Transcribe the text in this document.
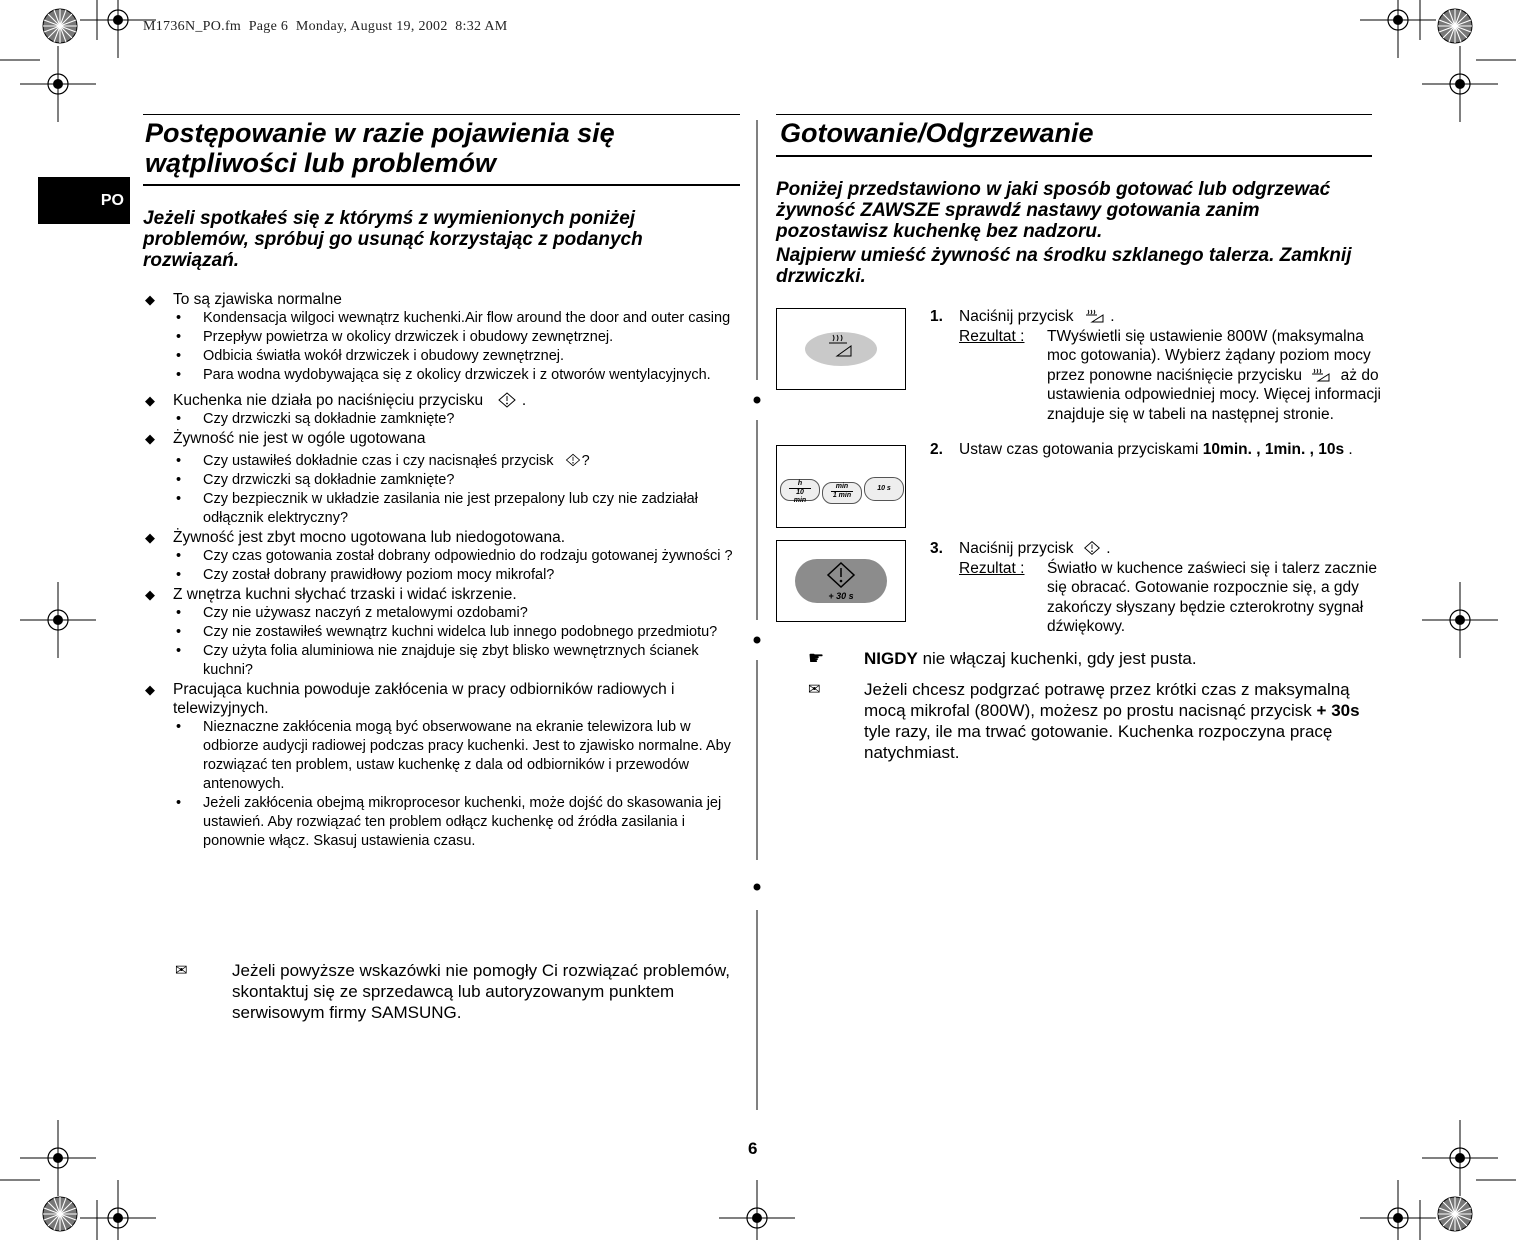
M1736N_PO.fm  Page 6  Monday, August 19, 2002  8:32 AM
PO
Postępowanie w razie pojawienia się
wątpliwości lub problemów

Jeżeli spotkałeś się z którymś z wymienionych poniżej problemów, spróbuj go usunąć korzystając z podanych rozwiązań.

◆ To są zjawiska normalne
• Kondensacja wilgoci wewnątrz kuchenki.Air flow around the door and outer casing
• Przepływ powietrza w okolicy drzwiczek i obudowy zewnętrznej.
• Odbicia światła wokół drzwiczek i obudowy zewnętrznej.
• Para wodna wydobywająca się z okolicy drzwiczek i z otworów wentylacyjnych.
◆ Kuchenka nie działa po naciśnięciu przycisku .
• Czy drzwiczki są dokładnie zamknięte?
◆ Żywność nie jest w ogóle ugotowana
• Czy ustawiłeś dokładnie czas i czy nacisnąłeś przycisk ?
• Czy drzwiczki są dokładnie zamknięte?
• Czy bezpiecznik w układzie zasilania nie jest przepalony lub czy nie zadziałał odłącznik elektryczny?
◆ Żywność jest zbyt mocno ugotowana lub niedogotowana.
• Czy czas gotowania został dobrany odpowiednio do rodzaju gotowanej żywności ?
• Czy został dobrany prawidłowy poziom mocy mikrofal?
◆ Z wnętrza kuchni słychać trzaski i widać iskrzenie.
• Czy nie używasz naczyń z metalowymi ozdobami?
• Czy nie zostawiłeś wewnątrz kuchni widelca lub innego podobnego przedmiotu?
• Czy użyta folia aluminiowa nie znajduje się zbyt blisko wewnętrznych ścianek kuchni?
◆ Pracująca kuchnia powoduje zakłócenia w pracy odbiorników radiowych i telewizyjnych.
• Nieznaczne zakłócenia mogą być obserwowane na ekranie telewizora lub w odbiorze audycji radiowej podczas pracy kuchenki. Jest to zjawisko normalne. Aby rozwiązać ten problem, ustaw kuchenkę z dala od odbiorników i przewodów antenowych.
• Jeżeli zakłócenia obejmą mikroprocesor kuchenki, może dojść do skasowania jej ustawień. Aby rozwiązać ten problem odłącz kuchenkę od źródła zasilania i ponownie włącz. Skasuj ustawienia czasu.
✉	Jeżeli powyższe wskazówki nie pomogły Ci rozwiązać problemów, skontaktuj się ze sprzedawcą lub autoryzowanym punktem serwisowym firmy SAMSUNG.
Gotowanie/Odgrzewanie

Poniżej przedstawiono w jaki sposób gotować lub odgrzewać żywność ZAWSZE sprawdź nastawy gotowania zanim pozostawisz kuchenkę bez nadzoru.

Najpierw umieść żywność na środku szklanego talerza. Zamknij drzwiczki.

h
10 min
min
1 min
10 s
+ 30 s
1. Naciśnij przycisk .
Rezultat : TWyświetli się ustawienie 800W (maksymalna moc gotowania). Wybierz żądany poziom mocy przez ponowne naciśnięcie przycisku aż do ustawienia odpowiedniej mocy. Więcej informacji znajduje się w tabeli na następnej stronie.
2. Ustaw czas gotowania przyciskami 10min. , 1min. , 10s .
3. Naciśnij przycisk .
Rezultat : Światło w kuchence zaświeci się i talerz zacznie się obracać. Gotowanie rozpocznie się, a gdy zakończy słyszany będzie czterokrotny sygnał dźwiękowy.
☛ NIGDY nie włączaj kuchenki, gdy jest pusta.
✉	Jeżeli chcesz podgrzać potrawę przez krótki czas z maksymalną mocą mikrofal (800W), możesz po prostu nacisnąć przycisk + 30s tyle razy, ile ma trwać gotowanie. Kuchenka rozpoczyna pracę natychmiast.
6
